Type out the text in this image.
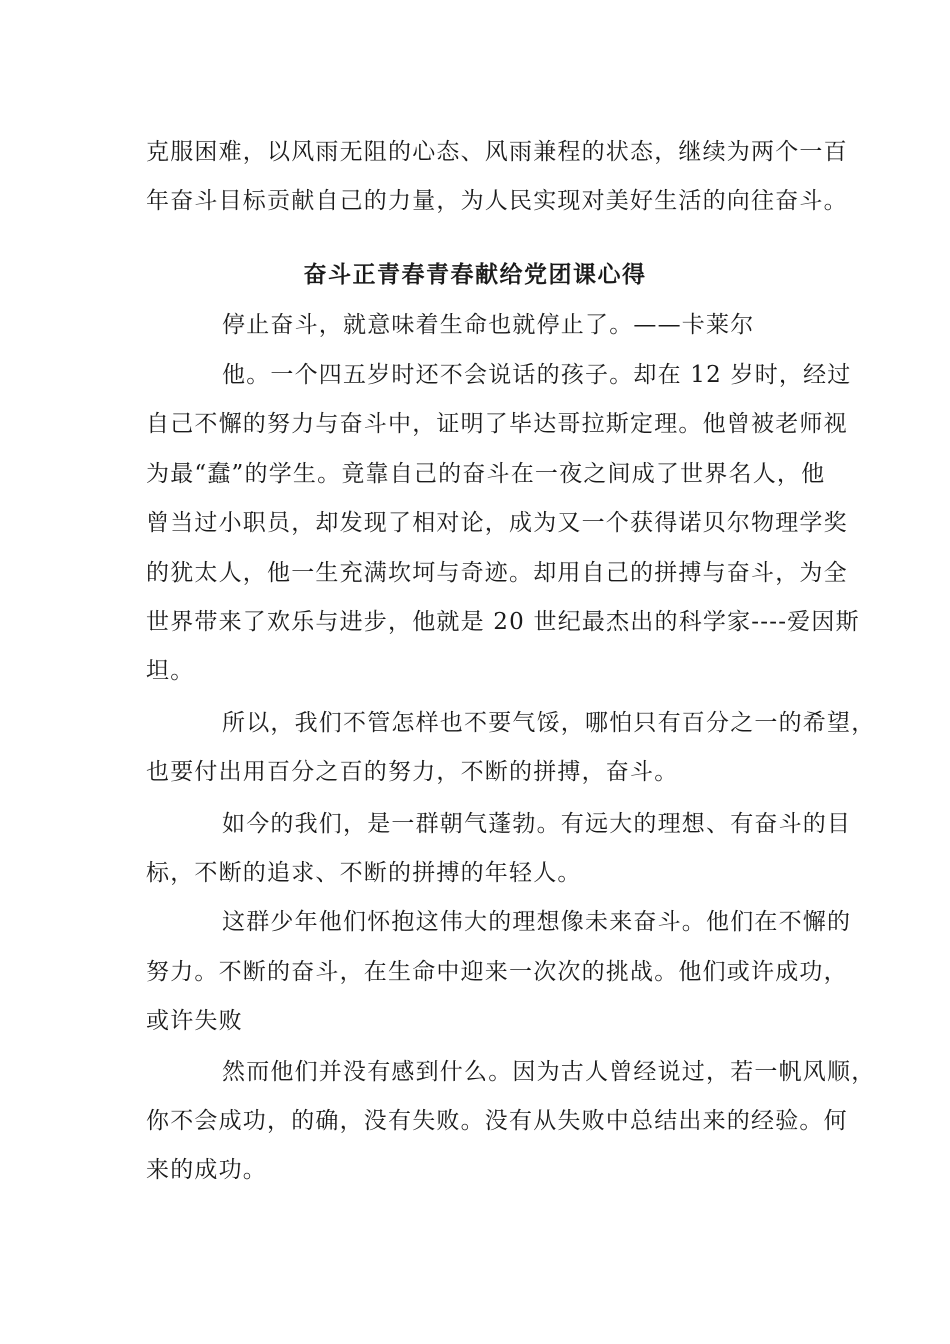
克服困难，以风雨无阻的心态、风雨兼程的状态，继续为两个一百
年奋斗目标贡献自己的力量，为人民实现对美好生活的向往奋斗。
奋斗正青春青春献给党团课心得
停止奋斗，就意味着生命也就停止了。——卡莱尔
他。一个四五岁时还不会说话的孩子。却在 12 岁时，经过
自己不懈的努力与奋斗中，证明了毕达哥拉斯定理。他曾被老师视
为最“蠢”的学生。竟靠自己的奋斗在一夜之间成了世界名人，他
曾当过小职员，却发现了相对论，成为又一个获得诺贝尔物理学奖
的犹太人，他一生充满坎坷与奇迹。却用自己的拼搏与奋斗，为全
世界带来了欢乐与进步，他就是 20 世纪最杰出的科学家----爱因斯
坦。
所以，我们不管怎样也不要气馁，哪怕只有百分之一的希望，
也要付出用百分之百的努力，不断的拼搏，奋斗。
如今的我们，是一群朝气蓬勃。有远大的理想、有奋斗的目
标，不断的追求、不断的拼搏的年轻人。
这群少年他们怀抱这伟大的理想像未来奋斗。他们在不懈的
努力。不断的奋斗，在生命中迎来一次次的挑战。他们或许成功，
或许失败
然而他们并没有感到什么。因为古人曾经说过，若一帆风顺，
你不会成功，的确，没有失败。没有从失败中总结出来的经验。何
来的成功。
